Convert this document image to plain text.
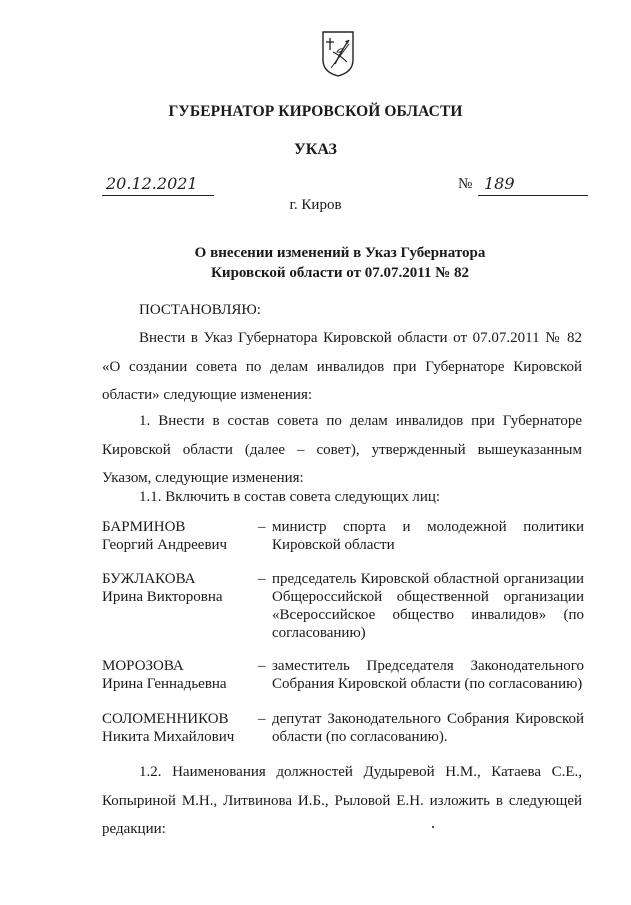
ГУБЕРНАТОР КИРОВСКОЙ ОБЛАСТИ
УКАЗ
20.12.2021	№ 189
г. Киров
О внесении изменений в Указ Губернатора
Кировской области от 07.07.2011 № 82
ПОСТАНОВЛЯЮ:

Внести в Указ Губернатора Кировской области от 07.07.2011 № 82 «О создании совета по делам инвалидов при Губернаторе Кировской области» следующие изменения:

1. Внести в состав совета по делам инвалидов при Губернаторе Кировской области (далее – совет), утвержденный вышеуказанным Указом, следующие изменения:

1.1. Включить в состав совета следующих лиц:

БАРМИНОВ
Георгий Андреевич
– министр спорта и молодежной политики Кировской области
БУЖЛАКОВА
Ирина Викторовна
– председатель Кировской областной организации Общероссийской общественной организации «Всероссийское общество инвалидов» (по согласованию)
МОРОЗОВА
Ирина Геннадьевна
– заместитель Председателя Законодательного Собрания Кировской области (по согласованию)
СОЛОМЕННИКОВ
Никита Михайлович
– депутат Законодательного Собрания Кировской области (по согласованию).

1.2. Наименования должностей Дудыревой Н.М., Катаева С.Е., Копыриной М.Н., Литвинова И.Б., Рыловой Е.Н. изложить в следующей редакции:
